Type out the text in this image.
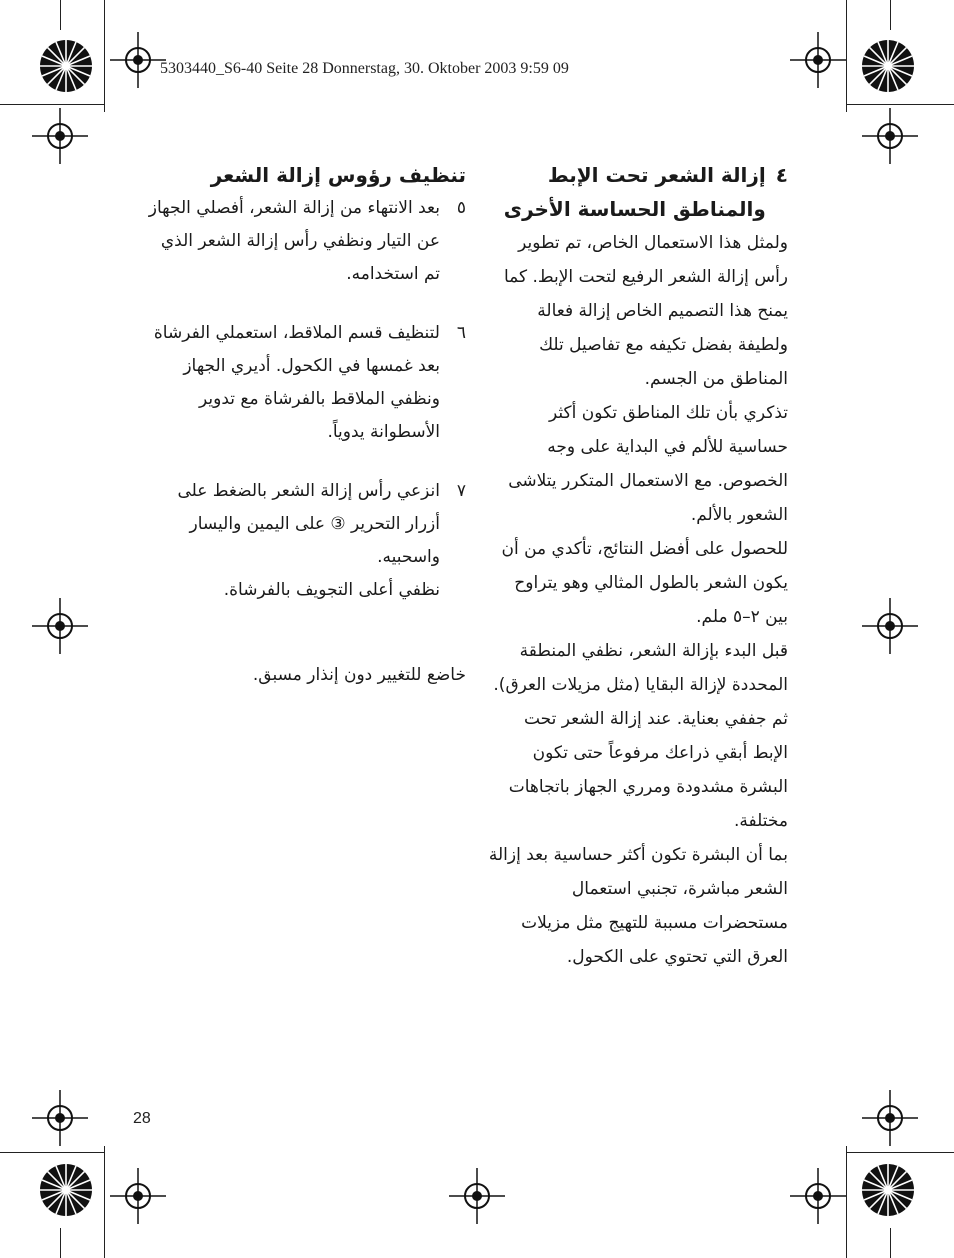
5303440_S6-40 Seite 28 Donnerstag, 30. Oktober 2003 9:59 09
٤
إزالة الشعر تحت الإبط والمناطق الحساسة الأخرى

ولمثل هذا الاستعمال الخاص، تم تطوير رأس إزالة الشعر الرفيع لتحت الإبط. كما يمنح هذا التصميم الخاص إزالة فعالة ولطيفة بفضل تكيفه مع تفاصيل تلك المناطق من الجسم.

تذكري بأن تلك المناطق تكون أكثر حساسية للألم في البداية على وجه الخصوص. مع الاستعمال المتكرر يتلاشى الشعور بالألم.

للحصول على أفضل النتائج، تأكدي من أن يكون الشعر بالطول المثالي وهو يتراوح بين ٢–٥ ملم.

قبل البدء بإزالة الشعر، نظفي المنطقة المحددة لإزالة البقايا (مثل مزيلات العرق). ثم جففي بعناية. عند إزالة الشعر تحت الإبط أبقي ذراعك مرفوعاً حتى تكون البشرة مشدودة ومرري الجهاز باتجاهات مختلفة.

بما أن البشرة تكون أكثر حساسية بعد إزالة الشعر مباشرة، تجنبي استعمال مستحضرات مسببة للتهيج مثل مزيلات العرق التي تحتوي على الكحول.

تنظيف رؤوس إزالة الشعر
٥
بعد الانتهاء من إزالة الشعر، أفصلي الجهاز عن التيار ونظفي رأس إزالة الشعر الذي تم استخدامه.
٦
لتنظيف قسم الملاقط، استعملي الفرشاة بعد غمسها في الكحول. أديري الجهاز ونظفي الملاقط بالفرشاة مع تدوير الأسطوانة يدوياً.
٧
انزعي رأس إزالة الشعر بالضغط على أزرار التحرير ③ على اليمين واليسار واسحبيه.
نظفي أعلى التجويف بالفرشاة.
خاضع للتغيير دون إنذار مسبق.
28
